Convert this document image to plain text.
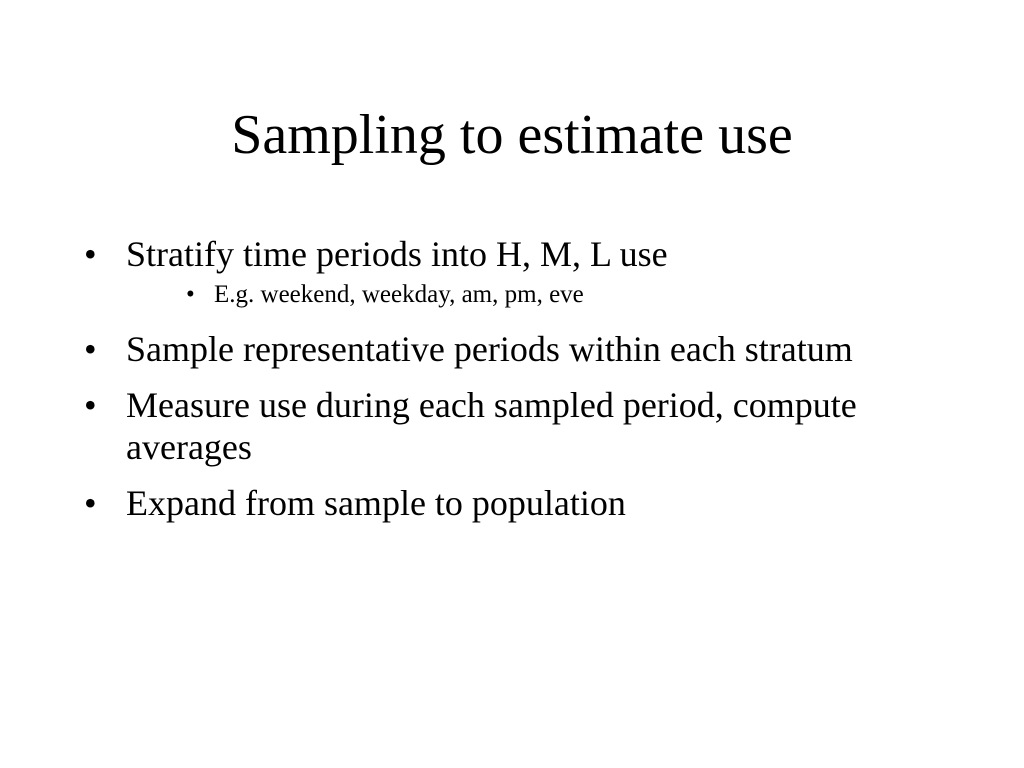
Sampling to estimate use
• Stratify time periods into H, M, L use
• E.g. weekend, weekday, am, pm, eve
• Sample representative periods within each stratum
• Measure use during each sampled period, compute averages
• Expand from sample to population
